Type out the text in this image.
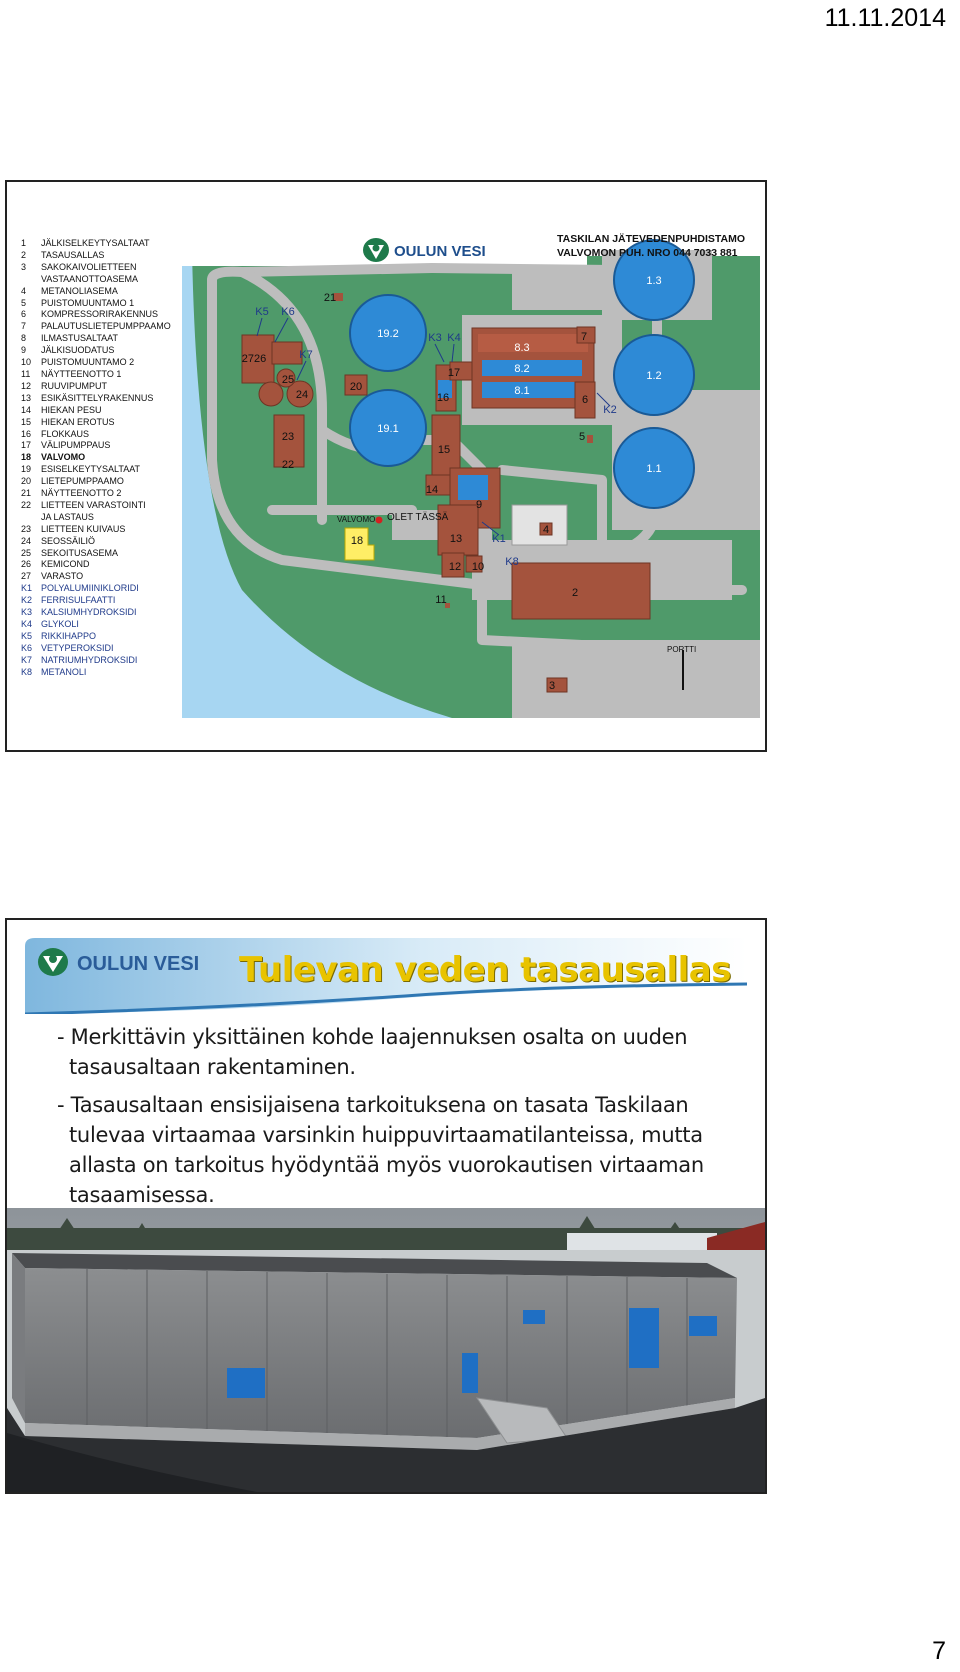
11.11.2014
1	JÄLKISELKEYTYSALTAAT
2	TASAUSALLAS
3	SAKOKAIVOLIETTEEN
VASTAANOTTOASEMA
4	METANOLIASEMA
5	PUISTOMUUNTAMO 1
6	KOMPRESSORIRAKENNUS
7	PALAUTUSLIETEPUMPPAAMO
8	ILMASTUSALTAAT
9	JÄLKISUODATUS
10	PUISTOMUUNTAMO 2
11	NÄYTTEENOTTO 1
12	RUUVIPUMPUT
13	ESIKÄSITTELYRAKENNUS
14	HIEKAN PESU
15	HIEKAN EROTUS
16	FLOKKAUS
17	VÄLIPUMPPAUS
18	VALVOMO
19	ESISELKEYTYSALTAAT
20	LIETEPUMPPAAMO
21	NÄYTTEENOTTO 2
22	LIETTEEN VARASTOINTI
JA LASTAUS
23	LIETTEEN KUIVAUS
24	SEOSSÄILIÖ
25	SEKOITUSASEMA
26	KEMICOND
27	VARASTO
K1 POLYALUMIINIKLORIDI
K2 FERRISULFAATTI
K3 KALSIUMHYDROKSIDI
K4 GLYKOLI
K5 RIKKIHAPPO
K6 VETYPEROKSIDI
K7 NATRIUMHYDROKSIDI
K8 METANOLI
1.3
1.2
1.1
19.2
19.1
8.3
8.2
8.1
7
6
5
4
2
3
9
10
11
12
13
14
15
16
17
18
20
21
22
23
24
25
2726
K1
K2
K3 K4
K5 K6
K7
K8
VALVOMO OLET TÄSSÄ
PORTTI
OULUN VESI
TASKILAN JÄTEVEDENPUHDISTAMO
VALVOMON PUH. NRO 044 7033 881
OULUN VESI Tulevan veden tasausallas

- Merkittävin yksittäinen kohde laajennuksen osalta on uuden tasausaltaan rakentaminen.

- Tasausaltaan ensisijaisena tarkoituksena on tasata Taskilaan tulevaa virtaamaa varsinkin huippuvirtaamatilanteissa, mutta allasta on tarkoitus hyödyntää myös vuorokautisen virtaaman tasaamisessa.

7
